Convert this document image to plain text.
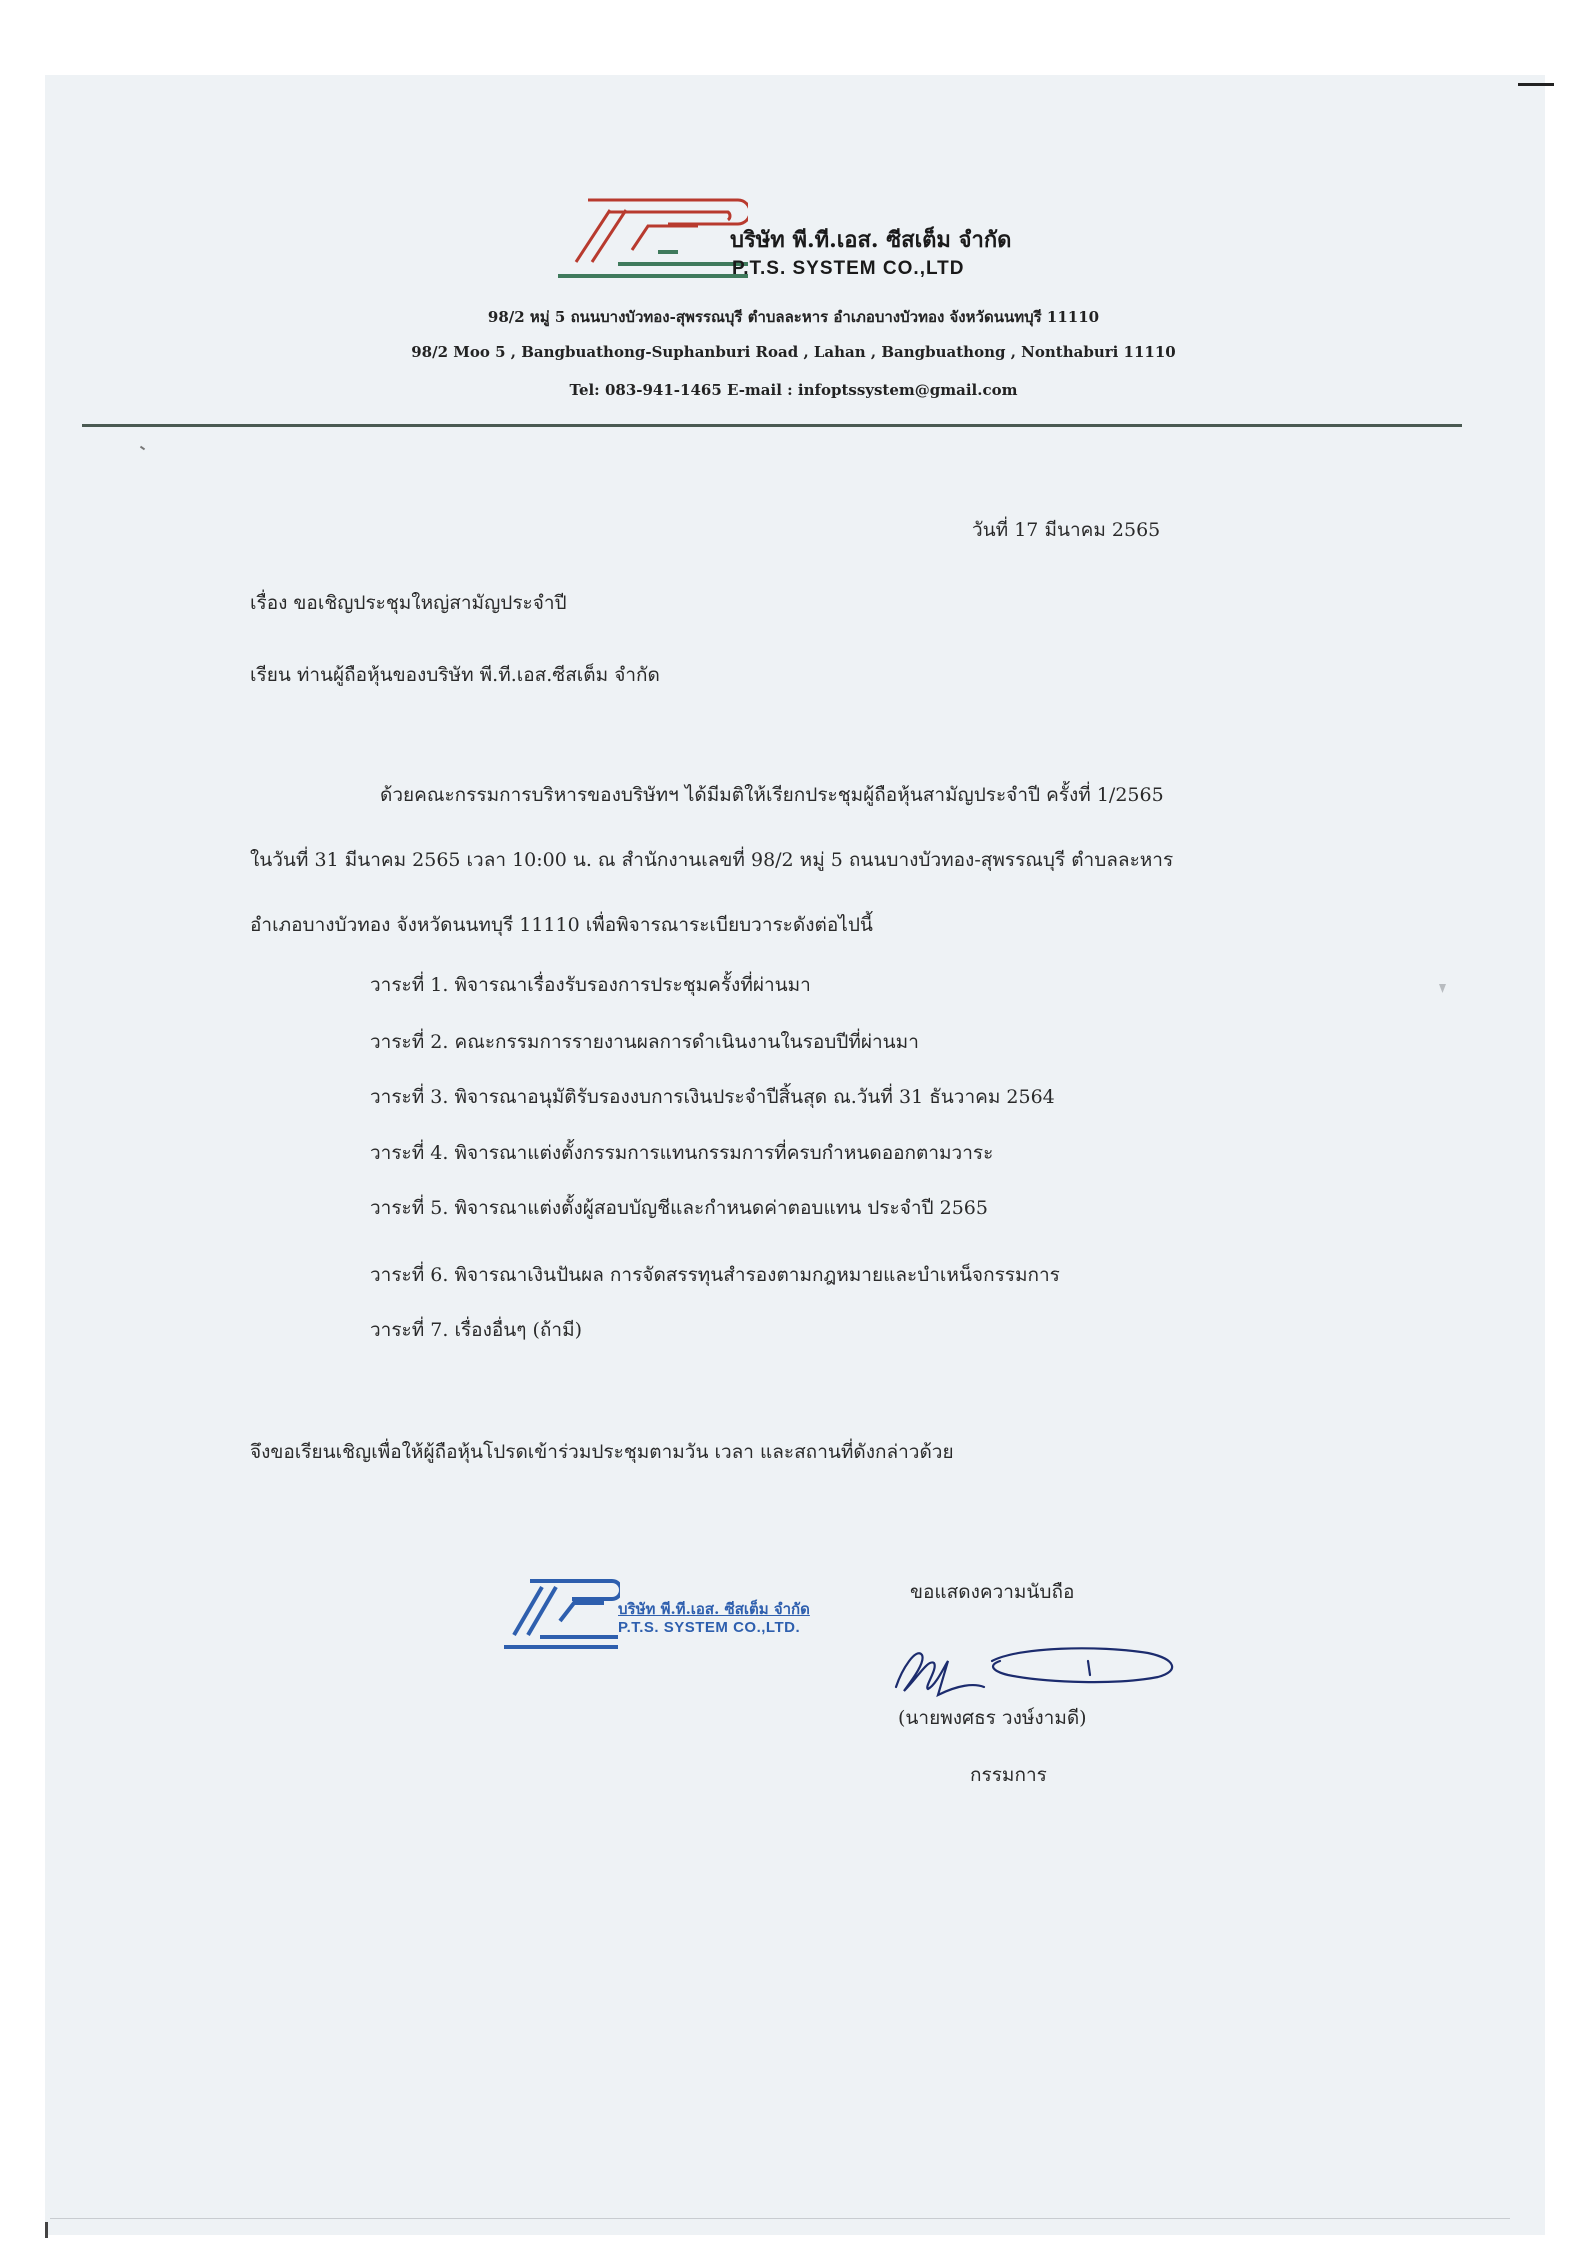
บริษัท พี.ที.เอส. ซีสเต็ม จำกัด
P.T.S. SYSTEM CO.,LTD
98/2 หมู่ 5 ถนนบางบัวทอง-สุพรรณบุรี ตำบลละหาร อำเภอบางบัวทอง จังหวัดนนทบุรี 11110
98/2 Moo 5 , Bangbuathong-Suphanburi Road , Lahan , Bangbuathong , Nonthaburi 11110
Tel: 083-941-1465 E-mail : infoptssystem@gmail.com
วันที่ 17 มีนาคม 2565
เรื่อง ขอเชิญประชุมใหญ่สามัญประจำปี
เรียน ท่านผู้ถือหุ้นของบริษัท พี.ที.เอส.ซีสเต็ม จำกัด
ด้วยคณะกรรมการบริหารของบริษัทฯ ได้มีมติให้เรียกประชุมผู้ถือหุ้นสามัญประจำปี ครั้งที่ 1/2565
ในวันที่ 31 มีนาคม 2565 เวลา 10:00 น. ณ สำนักงานเลขที่ 98/2 หมู่ 5 ถนนบางบัวทอง-สุพรรณบุรี ตำบลละหาร
อำเภอบางบัวทอง จังหวัดนนทบุรี 11110 เพื่อพิจารณาระเบียบวาระดังต่อไปนี้
วาระที่ 1. พิจารณาเรื่องรับรองการประชุมครั้งที่ผ่านมา
วาระที่ 2. คณะกรรมการรายงานผลการดำเนินงานในรอบปีที่ผ่านมา
วาระที่ 3. พิจารณาอนุมัติรับรองงบการเงินประจำปีสิ้นสุด ณ.วันที่ 31 ธันวาคม 2564
วาระที่ 4. พิจารณาแต่งตั้งกรรมการแทนกรรมการที่ครบกำหนดออกตามวาระ
วาระที่ 5. พิจารณาแต่งตั้งผู้สอบบัญชีและกำหนดค่าตอบแทน ประจำปี 2565
วาระที่ 6. พิจารณาเงินปันผล การจัดสรรทุนสำรองตามกฎหมายและบำเหน็จกรรมการ
วาระที่ 7. เรื่องอื่นๆ (ถ้ามี)
จึงขอเรียนเชิญเพื่อให้ผู้ถือหุ้นโปรดเข้าร่วมประชุมตามวัน เวลา และสถานที่ดังกล่าวด้วย
ขอแสดงความนับถือ
บริษัท พี.ที.เอส. ซีสเต็ม จำกัด
P.T.S. SYSTEM CO.,LTD.
(นายพงศธร วงษ์งามดี)
กรรมการ
